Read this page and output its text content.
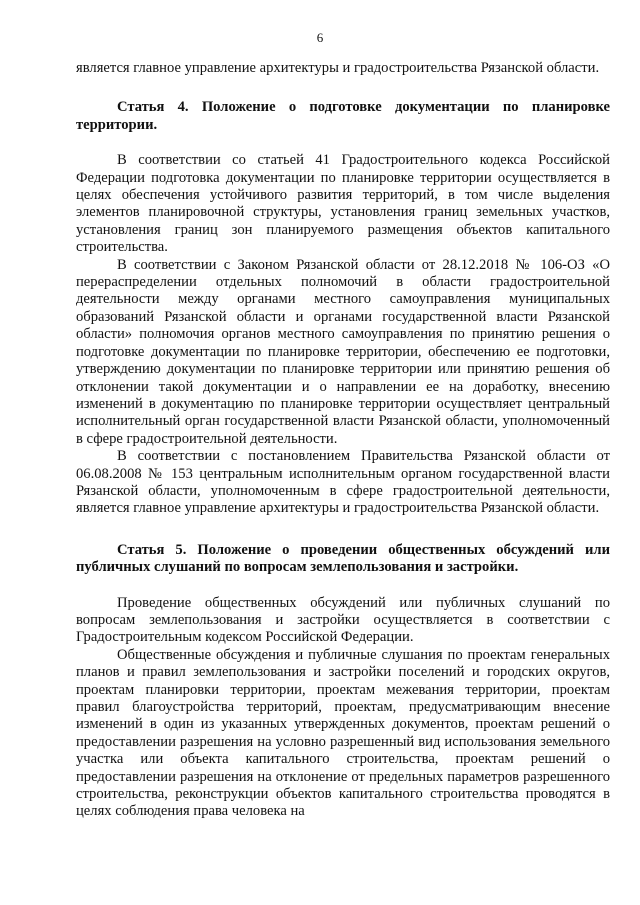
6

является главное управление архитектуры и градостроительства Рязанской области.

Статья 4. Положение о подготовке документации по планировке территории.

В соответствии со статьей 41 Градостроительного кодекса Российской Федерации подготовка документации по планировке территории осуществляется в целях обеспечения устойчивого развития территорий, в том числе выделения элементов планировочной структуры, установления границ земельных участков, установления границ зон планируемого размещения объектов капитального строительства.

В соответствии с Законом Рязанской области от 28.12.2018 № 106-ОЗ «О перераспределении отдельных полномочий в области градостроительной деятельности между органами местного самоуправления муниципальных образований Рязанской области и органами государственной власти Рязанской области» полномочия органов местного самоуправления по принятию решения о подготовке документации по планировке территории, обеспечению ее подготовки, утверждению документации по планировке территории или принятию решения об отклонении такой документации и о направлении ее на доработку, внесению изменений в документацию по планировке территории осуществляет центральный исполнительный орган государственной власти Рязанской области, уполномоченный в сфере градостроительной деятельности.

В соответствии с постановлением Правительства Рязанской области от 06.08.2008 № 153 центральным исполнительным органом государственной власти Рязанской области, уполномоченным в сфере градостроительной деятельности, является главное управление архитектуры и градостроительства Рязанской области.

Статья 5. Положение о проведении общественных обсуждений или публичных слушаний по вопросам землепользования и застройки.

Проведение общественных обсуждений или публичных слушаний по вопросам землепользования и застройки осуществляется в соответствии с Градостроительным кодексом Российской Федерации.

Общественные обсуждения и публичные слушания по проектам генеральных планов и правил землепользования и застройки поселений и городских округов, проектам планировки территории, проектам межевания территории, проектам правил благоустройства территорий, проектам, предусматривающим внесение изменений в один из указанных утвержденных документов, проектам решений о предоставлении разрешения на условно разрешенный вид использования земельного участка или объекта капитального строительства, проектам решений о предоставлении разрешения на отклонение от предельных параметров разрешенного строительства, реконструкции объектов капитального строительства проводятся в целях соблюдения права человека на
